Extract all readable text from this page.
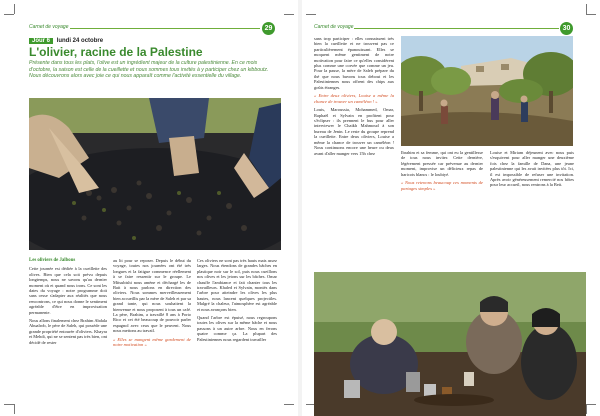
Carnet de voyage	29
Jour 6 lundi 24 octobre
L'olivier, racine de la Palestine
Présente dans tous les plats, l'olive est un ingrédient majeur de la culture palestinienne. En ce mois d'octobre, la saison est celle de la cueillette et nous sommes tous invités à y participer chez un kibboutz. Nous découvrons alors avec joie ce qui nous apparaît comme l'activité essentielle du village.

Les oliviers de Jalbous

Cette journée est dédiée à la cueillette des olives. Bien que cela soit prévu depuis longtemps, nous ne savons qu'au dernier moment où et quand nous irons. Ce sont les dates du voyage : notre programme doit sans cesse s'adapter aux réalités que nous rencontrons, ce qui nous donne le sentiment agréable d'être en improvisation permanente.

Nous allons finalement chez Brahim Abdala Abualrob, le père de Saleh, qui possède une grande propriété entourée d'oliviers. Khayra et Mehdi, qui ne se sentent pas très bien, ont décidé de rester

au lit pour se reposer. Depuis le début du voyage, toutes nos journées ont été très longues et la fatigue commence réellement à se faire ressentir sur le groupe. Le Mitsubishi nous amène et déchargé les de Bait à nous parlons en direction des oliviers. Nous sommes merveilleusement bien accueillis par la mère de Saleh et par sa grand tante, qui nous souhaitent la bienvenue et nous proposent à tous un café. La père, Brahim, a travaillé 8 ans à Porto Rico et cet été beaucoup de pouvoir parler espagnol avec ceux que le peuvent. Nous nous mettons au travail.

« Elles se mangent même gardement de notre motivation »

Ces oliviers ne sont pas très hauts mais assez larges. Nous étendons de grandes bâches en plastique noir sur le sol, puis nous cueillons nos olives et les jetons sur les bâches. Omar chauffe l'ambiance et fait chanter tous les travailleurs. Khaled et Sylvain, montés dans l'arbre pour atteindre les olives les plus hautes, nous lancent quelques projectiles. Malgré la chaleur, l'atmosphère est agréable et nous avançons bien.

Quand l'arbre est épuisé, nous regroupons toutes les olives sur la même bâche et nous passons à un autre arbre. Nous en ferons quatre comme ça. La plupart des Palestiniennes nous regardent travailler

Carnet de voyage	30

sans trop participer : elles connaissent très bien la cueillette et ne trouvent pas ce particulièrement épanouissant. Elles se moquent même gentiment de notre motivation pour faire ce qu'elles considèrent plus comme une corvée que comme un jeu. Pour la pause, la mère de Saleh prépare du thé que nous buvons tous debout et les Palestiniennes nous offrent des chips aux goûts étranges.

« Entre deux oliviers, Louise a même la chance de trouver un caméléon ! »

Louis, Maroussia, Mohammed, Omar, Raphaël et Sylvain en profitent pour s'éclipser : ils prennent le bus pour aller interviewer le Chaikh Mahmoud à son bureau de Jenin. Le reste du groupe reprend la cueillette. Entre deux oliviers, Louise a même la chance de trouver un caméléon ! Nous continuons encore une heure ou deux avant d'aller manger vers 15h chez	Ibrahim et sa femme, qui ont eu la gentillesse de tous nous inviter. Cette dernière, légèrement pressée car prévenue au dernier moment, improvise un délicieux repas de haricots blancs : le loubiyé.

« Nous retenons beaucoup ces moments de partages simples »

Louise et Miriam déjeunent avec nous puis s'esquivent pour aller manger une deuxième fois chez la famille de Dana, une jeune palestinienne qui les avait invitées plus tôt. Ici, il est impossible de refuser une invitation. Après avoir généreusement remercié nos hôtes pour leur accueil, nous rentrons à la Beit.
